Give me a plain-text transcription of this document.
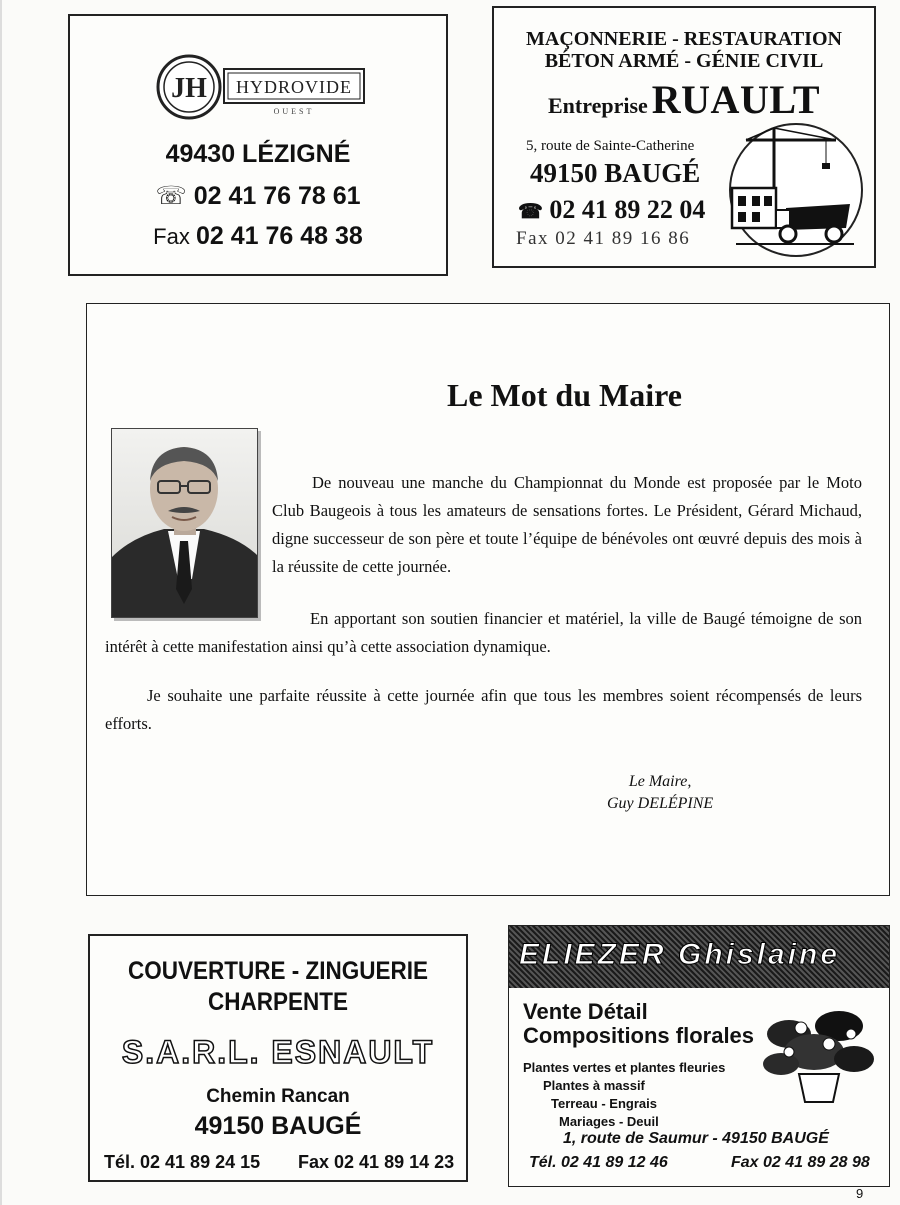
JH HYDROVIDE
OUEST
49430 LÉZIGNÉ
☏ 02 41 76 78 61
Fax 02 41 76 48 38
MAÇONNERIE - RESTAURATION
BÉTON ARMÉ - GÉNIE CIVIL
Entreprise RUAULT
5, route de Sainte-Catherine
49150 BAUGÉ
☎ 02 41 89 22 04
Fax 02 41 89 16 86
Le Mot du Maire
De nouveau une manche du Championnat du Monde est proposée par le Moto Club Baugeois à tous les amateurs de sensations fortes. Le Président, Gérard Michaud, digne successeur de son père et toute l’équipe de bénévoles ont œuvré depuis des mois à la réussite de cette journée.
En apportant son soutien financier et matériel, la ville de Baugé témoigne de son intérêt à cette manifestation ainsi qu’à cette association dynamique.
Je souhaite une parfaite réussite à cette journée afin que tous les membres soient récompensés de leurs efforts.
Le Maire,
Guy DELÉPINE
COUVERTURE - ZINGUERIE
CHARPENTE
S.A.R.L. ESNAULT
Chemin Rancan
49150 BAUGÉ
Tél. 02 41 89 24 15 Fax 02 41 89 14 23
ELIEZER Ghislaine
Vente Détail
Compositions florales
Plantes vertes et plantes fleuries
Plantes à massif
Terreau - Engrais
Mariages - Deuil
1, route de Saumur - 49150 BAUGÉ
Tél. 02 41 89 12 46	Fax 02 41 89 28 98
9
